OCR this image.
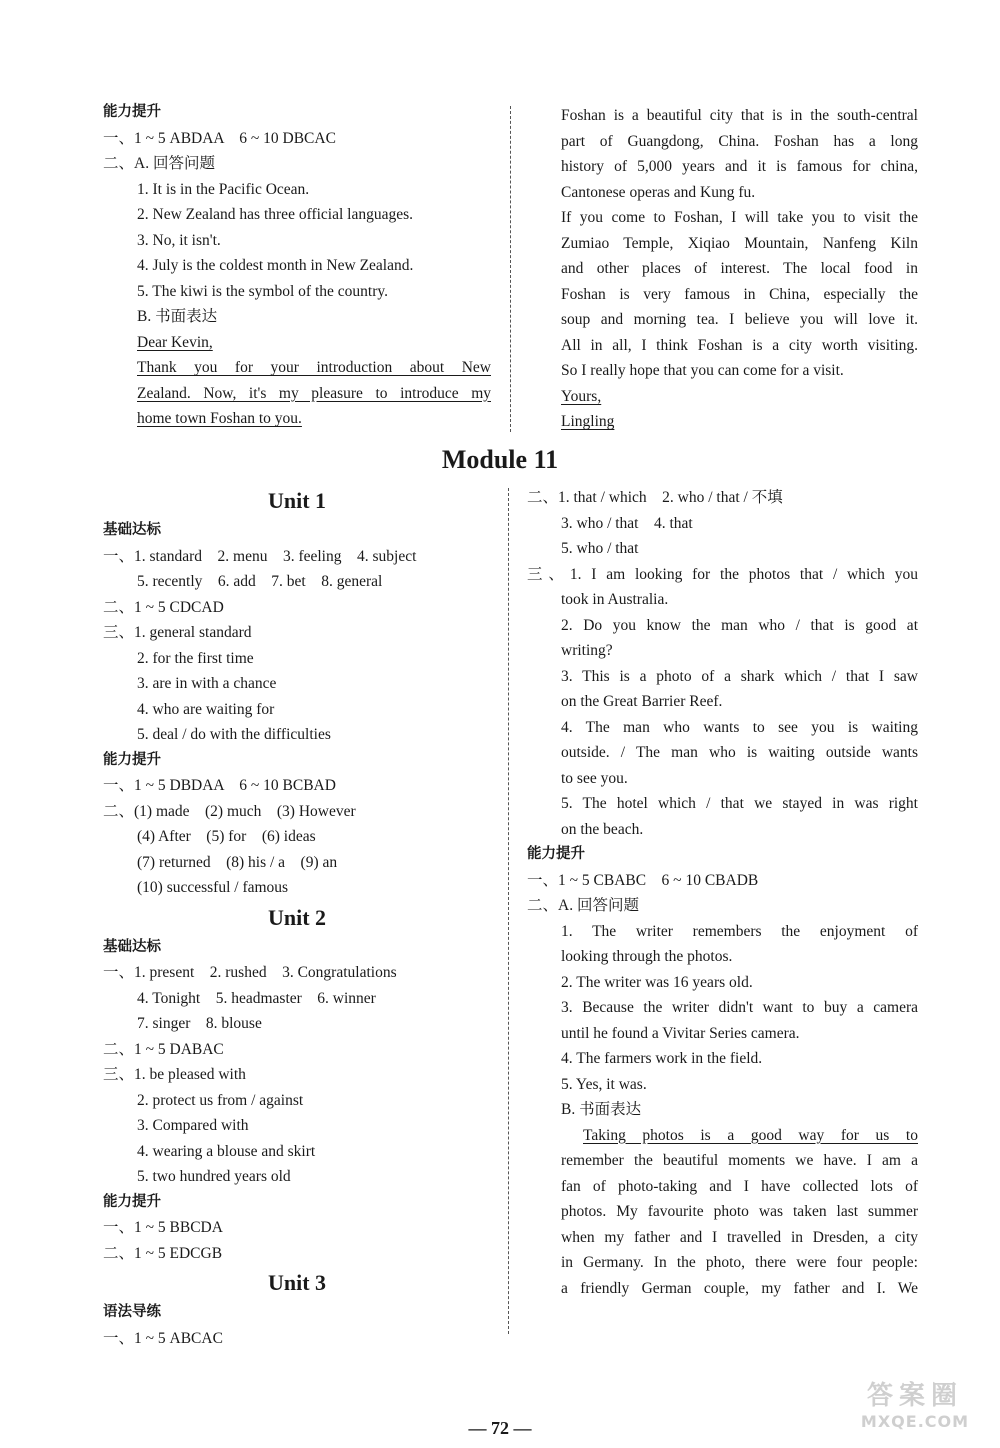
能力提升
一、1 ~ 5 ABDAA　6 ~ 10 DBCAC
二、A. 回答问题
1. It is in the Pacific Ocean.
2. New Zealand has three official languages.
3. No, it isn't.
4. July is the coldest month in New Zealand.
5. The kiwi is the symbol of the country.
B. 书面表达
Dear Kevin,
Thank you for your introduction about New
Zealand. Now, it's my pleasure to introduce my
home town Foshan to you.
Foshan is a beautiful city that is in the south-central
part of Guangdong, China. Foshan has a long
history of 5,000 years and it is famous for china,
Cantonese operas and Kung fu.
If you come to Foshan, I will take you to visit the
Zumiao Temple, Xiqiao Mountain, Nanfeng Kiln
and other places of interest. The local food in
Foshan is very famous in China, especially the
soup and morning tea. I believe you will love it.
All in all, I think Foshan is a city worth visiting.
So I really hope that you can come for a visit.
Yours,
Lingling
Module 11
Unit 1
基础达标
一、1. standard　2. menu　3. feeling　4. subject
5. recently　6. add　7. bet　8. general
二、1 ~ 5 CDCAD
三、1. general standard
2. for the first time
3. are in with a chance
4. who are waiting for
5. deal / do with the difficulties
能力提升
一、1 ~ 5 DBDAA　6 ~ 10 BCBAD
二、(1) made　(2) much　(3) However
(4) After　(5) for　(6) ideas
(7) returned　(8) his / a　(9) an
(10) successful / famous
Unit 2
基础达标
一、1. present　2. rushed　3. Congratulations
4. Tonight　5. headmaster　6. winner
7. singer　8. blouse
二、1 ~ 5 DABAC
三、1. be pleased with
2. protect us from / against
3. Compared with
4. wearing a blouse and skirt
5. two hundred years old
能力提升
一、1 ~ 5 BBCDA
二、1 ~ 5 EDCGB
Unit 3
语法导练
一、1 ~ 5 ABCAC
二、1. that / which　2. who / that / 不填
3. who / that　4. that
5. who / that
三、1. I am looking for the photos that / which you
took in Australia.
2. Do you know the man who / that is good at
writing?
3. This is a photo of a shark which / that I saw
on the Great Barrier Reef.
4. The man who wants to see you is waiting
outside. / The man who is waiting outside wants
to see you.
5. The hotel which / that we stayed in was right
on the beach.
能力提升
一、1 ~ 5 CBABC　6 ~ 10 CBADB
二、A. 回答问题
1. The writer remembers the enjoyment of
looking through the photos.
2. The writer was 16 years old.
3. Because the writer didn't want to buy a camera
until he found a Vivitar Series camera.
4. The farmers work in the field.
5. Yes, it was.
B. 书面表达
Taking photos is a good way for us to
remember the beautiful moments we have. I am a
fan of photo-taking and I have collected lots of
photos. My favourite photo was taken last summer
when my father and I travelled in Dresden, a city
in Germany. In the photo, there were four people:
a friendly German couple, my father and I. We
— 72 —
答案圈
MXQE.COM
